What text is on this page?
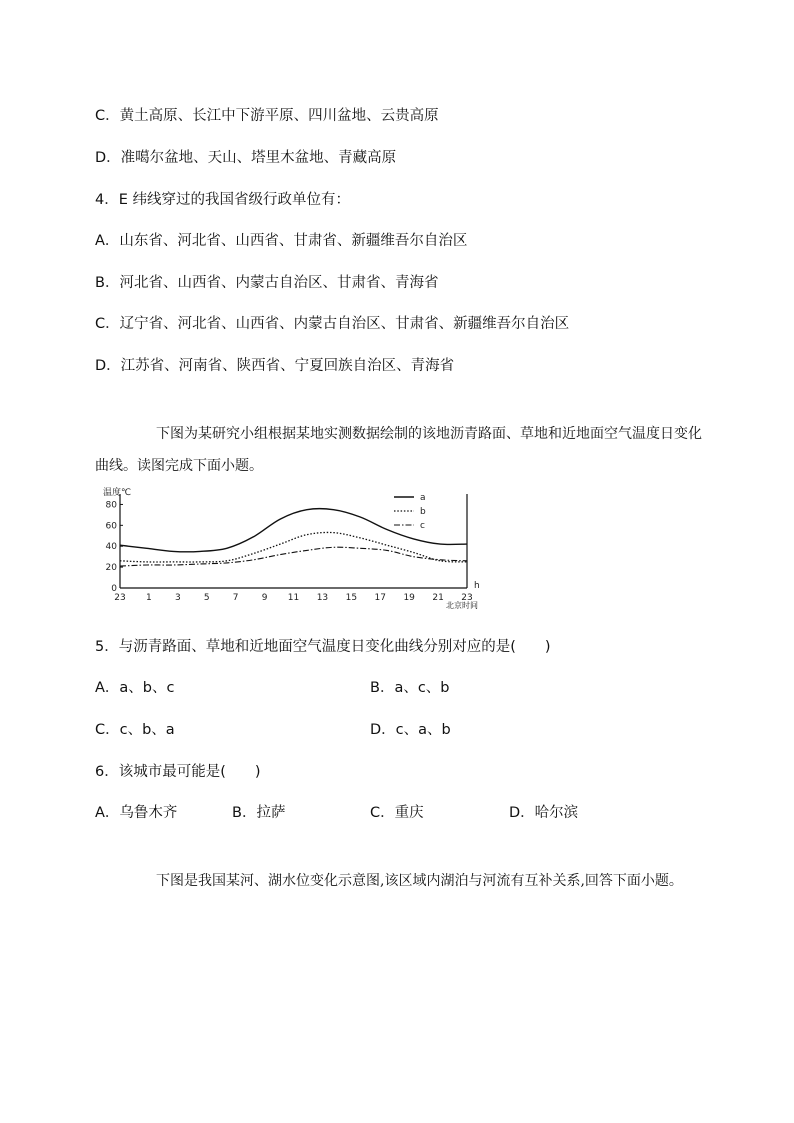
C．黄土高原、长江中下游平原、四川盆地、云贵高原
D．准噶尔盆地、天山、塔里木盆地、青藏高原
4．E 纬线穿过的我国省级行政单位有：
A．山东省、河北省、山西省、甘肃省、新疆维吾尔自治区
B．河北省、山西省、内蒙古自治区、甘肃省、青海省
C．辽宁省、河北省、山西省、内蒙古自治区、甘肃省、新疆维吾尔自治区
D．江苏省、河南省、陕西省、宁夏回族自治区、青海省
下图为某研究小组根据某地实测数据绘制的该地沥青路面、草地和近地面空气温度日变化曲线。读图完成下面小题。
温度℃
0
20
40
60
80
23 1	3	5	7	9 11 13 15 17 19 21 23
a
b
c
h
北京时间
5．与沥青路面、草地和近地面空气温度日变化曲线分别对应的是(　　)
A．a、b、c	B．a、c、b
C．c、b、a	D．c、a、b
6．该城市最可能是(　　)
A．乌鲁木齐	B．拉萨	C．重庆	D．哈尔滨
下图是我国某河、湖水位变化示意图,该区域内湖泊与河流有互补关系,回答下面小题。
